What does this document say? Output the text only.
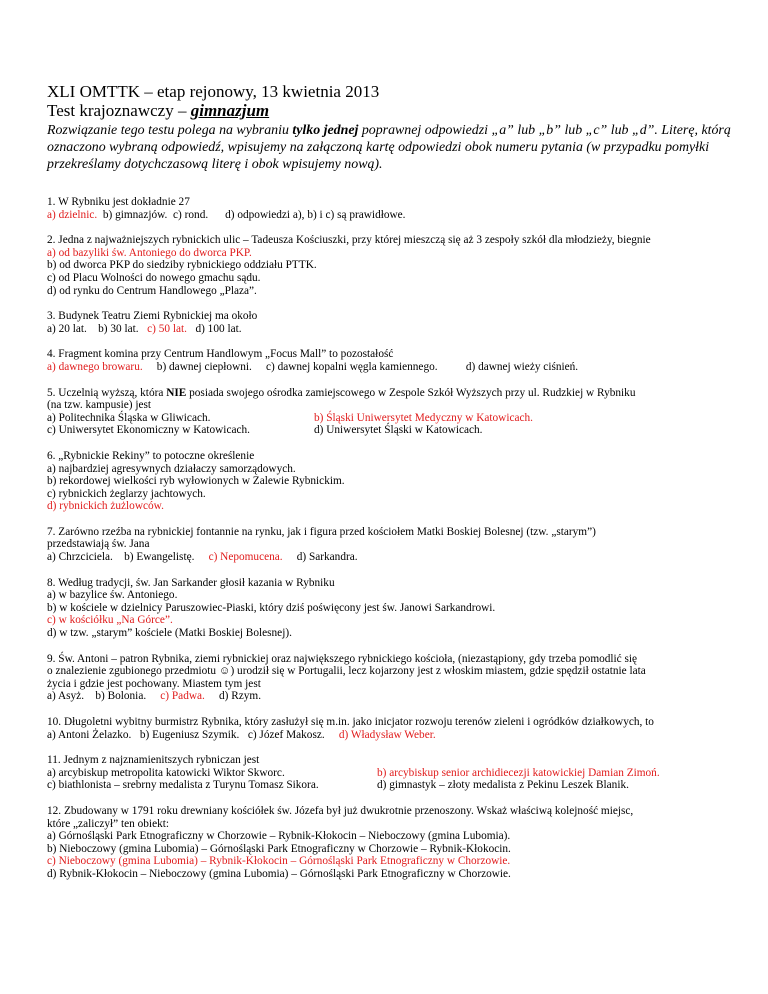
XLI OMTTK – etap rejonowy, 13 kwietnia 2013

Test krajoznawczy – gimnazjum

Rozwiązanie tego testu polega na wybraniu tylko jednej poprawnej odpowiedzi „a” lub „b” lub „c” lub „d”. Literę, którą oznaczono wybraną odpowiedź, wpisujemy na załączoną kartę odpowiedzi obok numeru pytania (w przypadku pomyłki przekreślamy dotychczasową literę i obok wpisujemy nową).

1. W Rybniku jest dokładnie 27
a) dzielnic. b) gimnazjów. c) rond. d) odpowiedzi a), b) i c) są prawidłowe.
2. Jedna z najważniejszych rybnickich ulic – Tadeusza Kościuszki, przy której mieszczą się aż 3 zespoły szkół dla młodzieży, biegnie
a) od bazyliki św. Antoniego do dworca PKP.
b) od dworca PKP do siedziby rybnickiego oddziału PTTK.
c) od Placu Wolności do nowego gmachu sądu.
d) od rynku do Centrum Handlowego „Plaza”.
3. Budynek Teatru Ziemi Rybnickiej ma około
a) 20 lat. b) 30 lat. c) 50 lat. d) 100 lat.
4. Fragment komina przy Centrum Handlowym „Focus Mall” to pozostałość
a) dawnego browaru. b) dawnej ciepłowni. c) dawnej kopalni węgla kamiennego.	d) dawnej wieży ciśnień.
5. Uczelnią wyższą, która NIE posiada swojego ośrodka zamiejscowego w Zespole Szkół Wyższych przy ul. Rudzkiej w Rybniku
(na tzw. kampusie) jest
a) Politechnika Śląska w Gliwicach.
c) Uniwersytet Ekonomiczny w Katowicach.
b) Śląski Uniwersytet Medyczny w Katowicach.
d) Uniwersytet Śląski w Katowicach.
6. „Rybnickie Rekiny” to potoczne określenie
a) najbardziej agresywnych działaczy samorządowych.
b) rekordowej wielkości ryb wyłowionych w Zalewie Rybnickim.
c) rybnickich żeglarzy jachtowych.
d) rybnickich żużlowców.
7. Zarówno rzeźba na rybnickiej fontannie na rynku, jak i figura przed kościołem Matki Boskiej Bolesnej (tzw. „starym”)
przedstawiają św. Jana
a) Chrzciciela. b) Ewangelistę. c) Nepomucena. d) Sarkandra.
8. Według tradycji, św. Jan Sarkander głosił kazania w Rybniku
a) w bazylice św. Antoniego.
b) w kościele w dzielnicy Paruszowiec-Piaski, który dziś poświęcony jest św. Janowi Sarkandrowi.
c) w kościółku „Na Górce”.
d) w tzw. „starym” kościele (Matki Boskiej Bolesnej).
9. Św. Antoni – patron Rybnika, ziemi rybnickiej oraz największego rybnickiego kościoła, (niezastąpiony, gdy trzeba pomodlić się
o znalezienie zgubionego przedmiotu ☺) urodził się w Portugalii, lecz kojarzony jest z włoskim miastem, gdzie spędził ostatnie lata
życia i gdzie jest pochowany. Miastem tym jest
a) Asyż. b) Bolonia. c) Padwa. d) Rzym.
10. Długoletni wybitny burmistrz Rybnika, który zasłużył się m.in. jako inicjator rozwoju terenów zieleni i ogródków działkowych, to
a) Antoni Żelazko. b) Eugeniusz Szymik. c) Józef Makosz. d) Władysław Weber.
11. Jednym z najznamienitszych rybniczan jest
a) arcybiskup metropolita katowicki Wiktor Skworc.
c) biathlonista – srebrny medalista z Turynu Tomasz Sikora.
b) arcybiskup senior archidiecezji katowickiej Damian Zimoń.
d) gimnastyk – złoty medalista z Pekinu Leszek Blanik.
12. Zbudowany w 1791 roku drewniany kościółek św. Józefa był już dwukrotnie przenoszony. Wskaż właściwą kolejność miejsc,
które „zaliczył” ten obiekt:
a) Górnośląski Park Etnograficzny w Chorzowie – Rybnik-Kłokocin – Nieboczowy (gmina Lubomia).
b) Nieboczowy (gmina Lubomia) – Górnośląski Park Etnograficzny w Chorzowie – Rybnik-Kłokocin.
c) Nieboczowy (gmina Lubomia) – Rybnik-Kłokocin – Górnośląski Park Etnograficzny w Chorzowie.
d) Rybnik-Kłokocin – Nieboczowy (gmina Lubomia) – Górnośląski Park Etnograficzny w Chorzowie.
